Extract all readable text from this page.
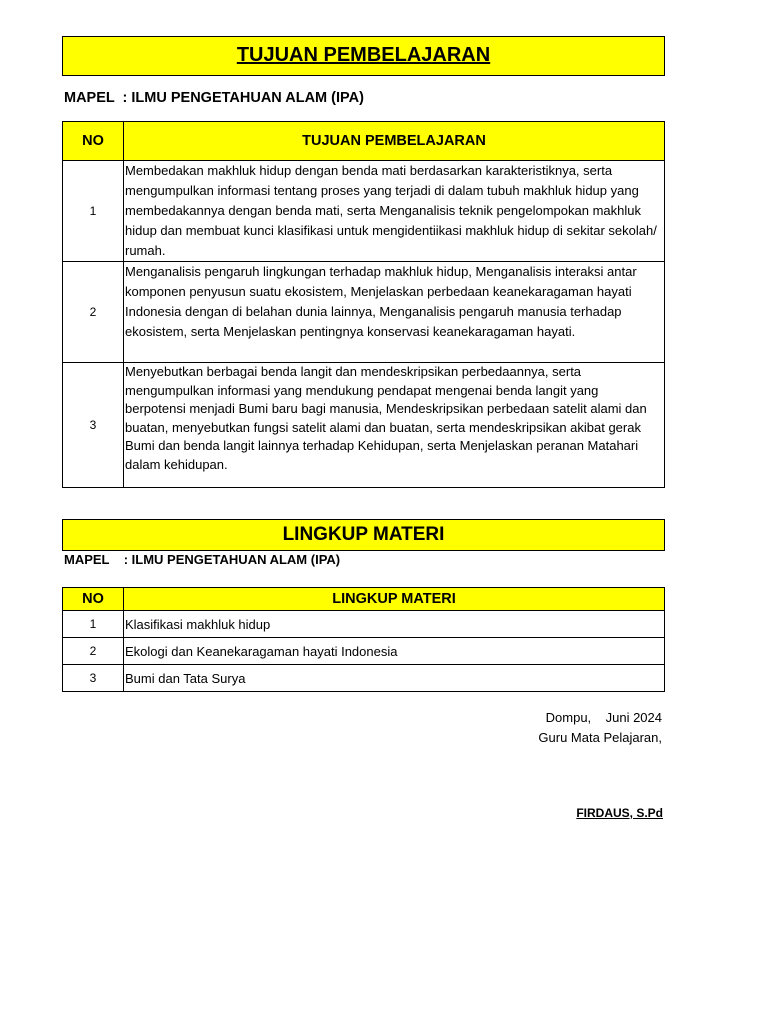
TUJUAN PEMBELAJARAN
MAPEL  : ILMU PENGETAHUAN ALAM (IPA)
NO	TUJUAN PEMBELAJARAN
1	Membedakan makhluk hidup dengan benda mati berdasarkan karakteristiknya, serta mengumpulkan informasi tentang proses yang terjadi di dalam tubuh makhluk hidup yang membedakannya dengan benda mati, serta Menganalisis teknik pengelompokan makhluk hidup dan membuat kunci klasifikasi untuk mengidentiikasi makhluk hidup di sekitar sekolah/ rumah.
2	Menganalisis pengaruh lingkungan terhadap makhluk hidup, Menganalisis interaksi antar komponen penyusun suatu ekosistem, Menjelaskan perbedaan keanekaragaman hayati Indonesia dengan di belahan dunia lainnya, Menganalisis pengaruh manusia terhadap ekosistem, serta Menjelaskan pentingnya konservasi keanekaragaman hayati.
3	Menyebutkan berbagai benda langit dan mendeskripsikan perbedaannya, serta mengumpulkan informasi yang mendukung pendapat mengenai benda langit yang berpotensi menjadi Bumi baru bagi manusia, Mendeskripsikan perbedaan satelit alami dan buatan, menyebutkan fungsi satelit alami dan buatan, serta mendeskripsikan akibat gerak Bumi dan benda langit lainnya terhadap Kehidupan, serta Menjelaskan peranan Matahari dalam kehidupan.
LINGKUP MATERI
MAPEL    : ILMU PENGETAHUAN ALAM (IPA)
NO	LINGKUP MATERI
1	Klasifikasi makhluk hidup
2	Ekologi dan Keanekaragaman hayati Indonesia
3	Bumi dan Tata Surya
Dompu,    Juni 2024
Guru Mata Pelajaran,
FIRDAUS, S.Pd
